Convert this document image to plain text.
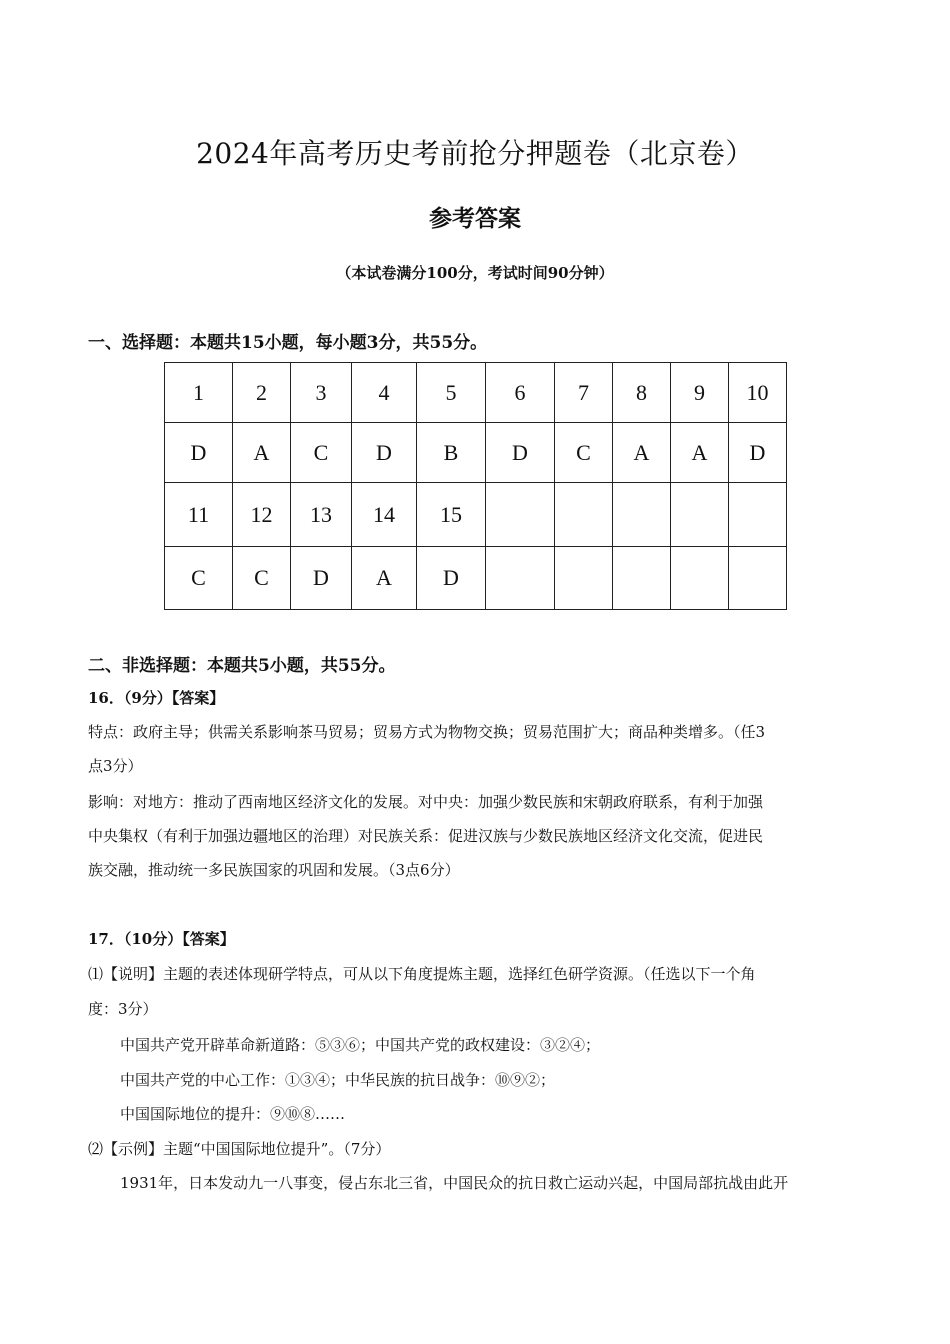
2024年高考历史考前抢分押题卷（北京卷）
参考答案
（本试卷满分100分，考试时间90分钟）
一、选择题：本题共15小题，每小题3分，共55分。
1	2	3	4	5	6	7	8	9	10
D	A	C	D	B	D	C	A	A	D
11	12	13	14	15					
C	C	D	A	D					
二、非选择题：本题共5小题，共55分。
16．（9分）【答案】
特点：政府主导；供需关系影响茶马贸易；贸易方式为物物交换；贸易范围扩大；商品种类增多。（任3
点3分）
影响：对地方：推动了西南地区经济文化的发展。对中央：加强少数民族和宋朝政府联系，有利于加强
中央集权（有利于加强边疆地区的治理）对民族关系：促进汉族与少数民族地区经济文化交流，促进民
族交融，推动统一多民族国家的巩固和发展。（3点6分）
17．（10分）【答案】
⑴【说明】主题的表述体现研学特点，可从以下角度提炼主题，选择红色研学资源。（任选以下一个角
度：3分）
中国共产党开辟革命新道路：⑤③⑥；中国共产党的政权建设：③②④；
中国共产党的中心工作：①③④；中华民族的抗日战争：⑩⑨②；
中国国际地位的提升：⑨⑩⑧……
⑵【示例】主题“中国国际地位提升”。（7分）
1931年，日本发动九一八事变，侵占东北三省，中国民众的抗日救亡运动兴起，中国局部抗战由此开
